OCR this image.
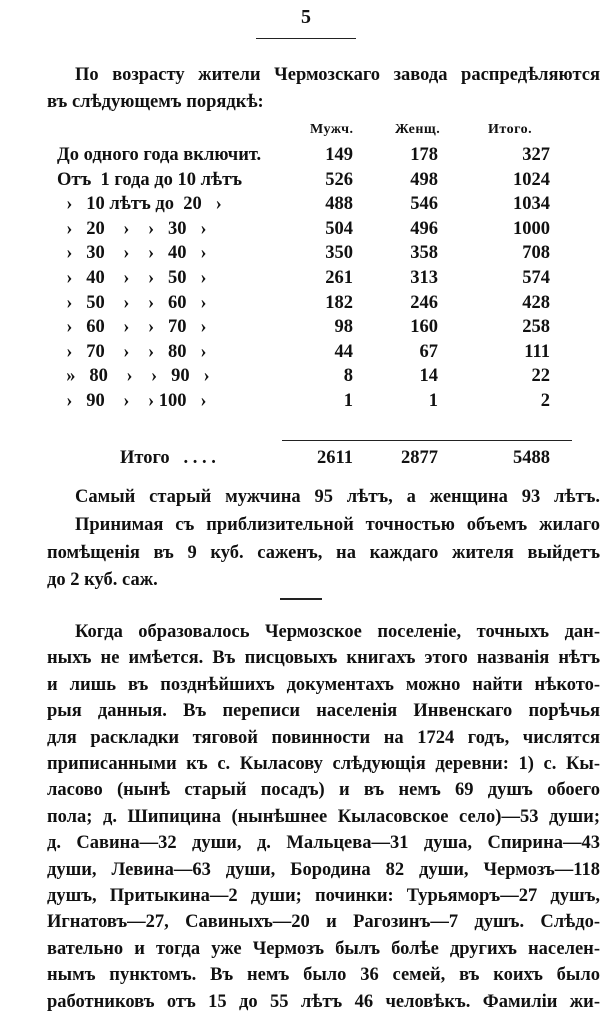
5
По возрасту жители Чермозскаго завода распредѣляются
въ слѣдующемъ порядкѣ:
Мужч.	Женщ.	Итого.
До одного года включит.	149	178	327
Отъ  1 года до 10 лѣтъ	526	498	1024
›   10 лѣтъ до  20   ›	488	546	1034
›   20    ›    ›   30   ›	504	496	1000
›   30    ›    ›   40   ›	350	358	708
›   40    ›    ›   50   ›	261	313	574
›   50    ›    ›   60   ›	182	246	428
›   60    ›    ›   70   ›	98	160	258
›   70    ›    ›   80   ›	44	67	111
»   80    ›    ›   90   ›	8	14	22
›   90    ›    › 100   ›	1	1	2
Итого   . . . .	2611	2877	5488
Самый старый мужчина 95 лѣтъ, а женщина 93 лѣтъ.
Принимая съ приблизительной точностью объемъ жилаго
помѣщенія въ 9 куб. саженъ, на каждаго жителя выйдетъ
до 2 куб. саж.
Когда образовалось Чермозское поселеніе, точныхъ дан-
ныхъ не имѣется. Въ писцовыхъ книгахъ этого названія нѣтъ
и лишь въ позднѣйшихъ документахъ можно найти нѣкото-
рыя данныя. Въ переписи населенія Инвенскаго порѣчья
для раскладки тяговой повинности на 1724 годъ, числятся
приписанными къ с. Кыласову слѣдующія деревни: 1) с. Кы-
ласово (нынѣ старый посадъ) и въ немъ 69 душъ обоего
пола; д. Шипицина (нынѣшнее Кыласовское село)—53 души;
д. Савина—32 души, д. Мальцева—31 душа, Спирина—43
души, Левина—63 души, Бородина 82 души, Чермозъ—118
душъ, Притыкина—2 души; починки: Турьяморъ—27 душъ,
Игнатовъ—27, Савиныхъ—20 и Рагозинъ—7 душъ. Слѣдо-
вательно и тогда уже Чермозъ былъ болѣе другихъ населен-
нымъ пунктомъ. Въ немъ было 36 семей, въ коихъ было
работниковъ отъ 15 до 55 лѣтъ 46 человѣкъ. Фамиліи жи-
